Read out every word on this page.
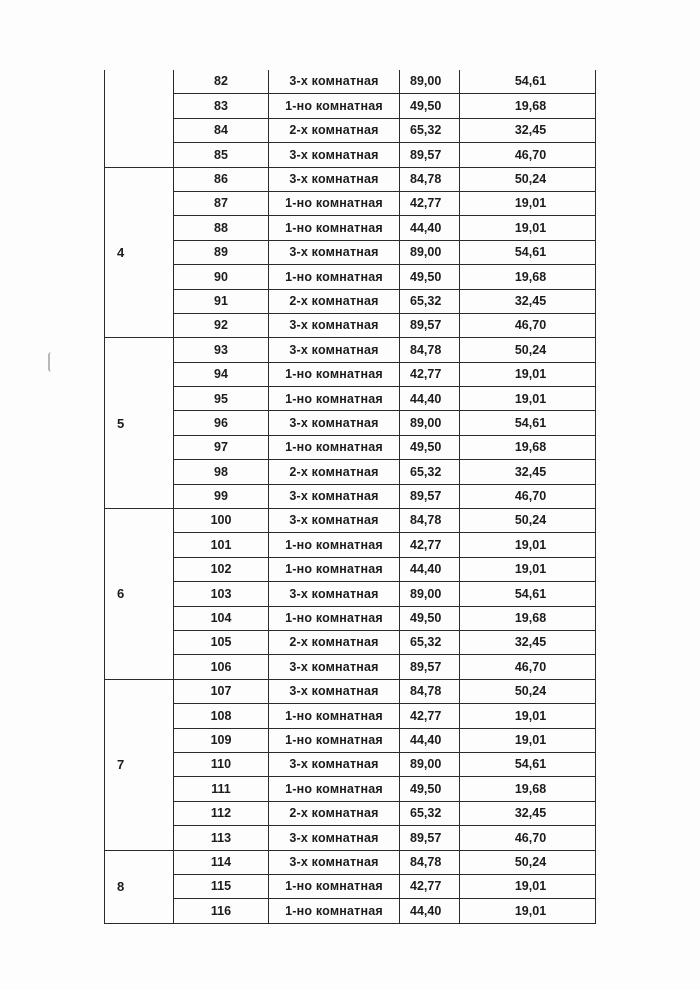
	82	3-х комнатная	89,00	54,61
	83	1-но комнатная	49,50	19,68
	84	2-х комнатная	65,32	32,45
	85	3-х комнатная	89,57	46,70
4	86	3-х комнатная	84,78	50,24
	87	1-но комнатная	42,77	19,01
	88	1-но комнатная	44,40	19,01
	89	3-х комнатная	89,00	54,61
	90	1-но комнатная	49,50	19,68
	91	2-х комнатная	65,32	32,45
	92	3-х комнатная	89,57	46,70
5	93	3-х комнатная	84,78	50,24
	94	1-но комнатная	42,77	19,01
	95	1-но комнатная	44,40	19,01
	96	3-х комнатная	89,00	54,61
	97	1-но комнатная	49,50	19,68
	98	2-х комнатная	65,32	32,45
	99	3-х комнатная	89,57	46,70
6	100	3-х комнатная	84,78	50,24
	101	1-но комнатная	42,77	19,01
	102	1-но комнатная	44,40	19,01
	103	3-х комнатная	89,00	54,61
	104	1-но комнатная	49,50	19,68
	105	2-х комнатная	65,32	32,45
	106	3-х комнатная	89,57	46,70
7	107	3-х комнатная	84,78	50,24
	108	1-но комнатная	42,77	19,01
	109	1-но комнатная	44,40	19,01
	110	3-х комнатная	89,00	54,61
	111	1-но комнатная	49,50	19,68
	112	2-х комнатная	65,32	32,45
	113	3-х комнатная	89,57	46,70
8	114	3-х комнатная	84,78	50,24
	115	1-но комнатная	42,77	19,01
	116	1-но комнатная	44,40	19,01
